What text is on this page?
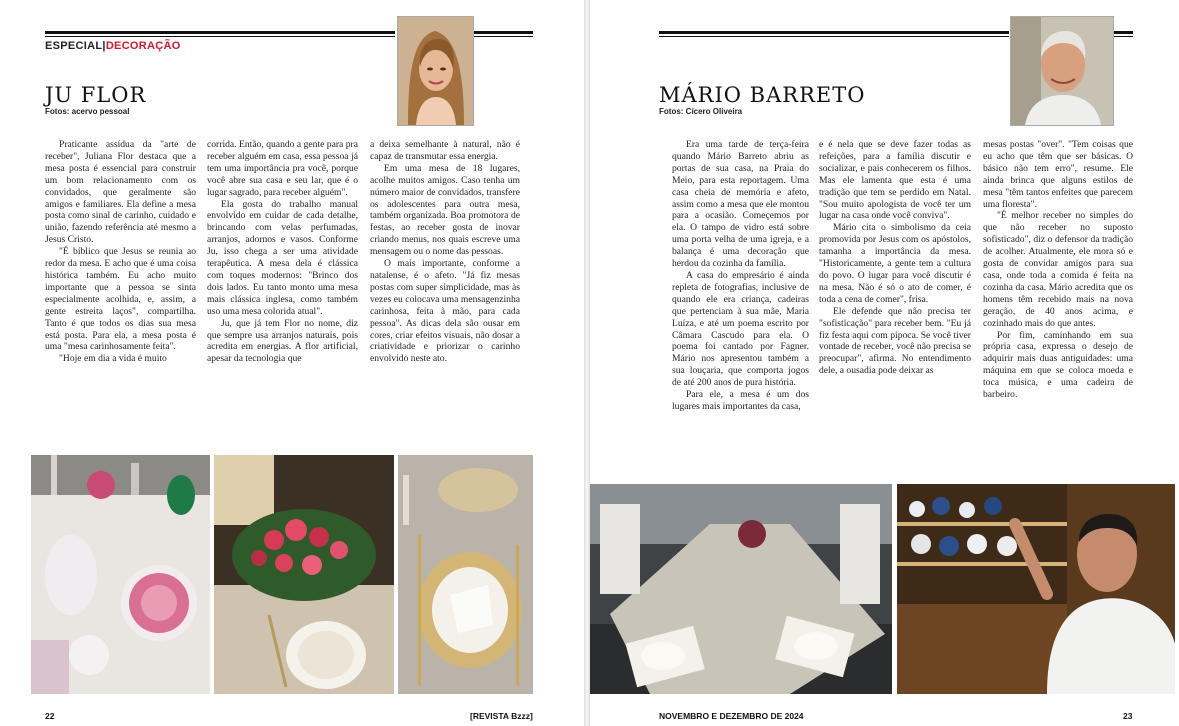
ESPECIAL|DECORAÇÃO
JU FLOR
Fotos: acervo pessoal

Praticante assídua da "arte de receber", Juliana Flor destaca que a mesa posta é essencial para construir um bom relacionamento com os convidados, que geralmente são amigos e familiares. Ela define a mesa posta como sinal de carinho, cuidado e união, fazendo referência até mesmo a Jesus Cristo.

"É bíblico que Jesus se reunia ao redor da mesa. E acho que é uma coisa histórica também. Eu acho muito importante que a pessoa se sinta especialmente acolhida, e, assim, a gente estreita laços", compartilha. Tanto é que todos os dias sua mesa está posta. Para ela, a mesa posta é uma "mesa carinhosamente feita".

"Hoje em dia a vida é muito

corrida. Então, quando a gente para pra receber alguém em casa, essa pessoa já tem uma importância pra você, porque você abre sua casa e seu lar, que é o lugar sagrado, para receber alguém".

Ela gosta do trabalho manual envolvido em cuidar de cada detalhe, brincando com velas perfumadas, arranjos, adornos e vasos. Conforme Ju, isso chega a ser uma atividade terapêutica. A mesa dela é clássica com toques modernos: "Brinco dos dois lados. Eu tanto monto uma mesa mais clássica inglesa, como também uso uma mesa colorida atual".

Ju, que já tem Flor no nome, diz que sempre usa arranjos naturais, pois acredita em energias. A flor artificial, apesar da tecnologia que

a deixa semelhante à natural, não é capaz de transmutar essa energia.

Em uma mesa de 18 lugares, acolhe muitos amigos. Caso tenha um número maior de convidados, transfere os adolescentes para outra mesa, também organizada. Boa promotora de festas, ao receber gosta de inovar criando menus, nos quais escreve uma mensagem ou o nome das pessoas.

O mais importante, conforme a natalense, é o afeto. "Já fiz mesas postas com super simplicidade, mas às vezes eu colocava uma mensagenzinha carinhosa, feita à mão, para cada pessoa". As dicas dela são ousar em cores, criar efeitos visuais, não dosar a criatividade e priorizar o carinho envolvido neste ato.

22	[REVISTA Bzzz]
MÁRIO BARRETO
Fotos: Cícero Oliveira

Era uma tarde de terça-feira quando Mário Barreto abriu as portas de sua casa, na Praia do Meio, para esta reportagem. Uma casa cheia de memória e afeto, assim como a mesa que ele montou para a ocasião. Começemos por ela. O tampo de vidro está sobre uma porta velha de uma igreja, e a balança é uma decoração que herdou da cozinha da família.

A casa do empresário é ainda repleta de fotografias, inclusive de quando ele era criança, cadeiras que pertenciam à sua mãe, Maria Luíza, e até um poema escrito por Câmara Cascudo para ela. O poema foi cantado por Fagner. Mário nos apresentou também a sua louçaria, que comporta jogos de até 200 anos de pura história.

Para ele, a mesa é um dos lugares mais importantes da casa,

e é nela que se deve fazer todas as refeições, para a família discutir e socializar, e pais conhecerem os filhos. Mas ele lamenta que esta é uma tradição que tem se perdido em Natal. "Sou muito apologista de você ter um lugar na casa onde você conviva".

Mário cita o simbolismo da ceia promovida por Jesus com os apóstolos, tamanha a importância da mesa. "Historicamente, a gente tem a cultura do povo. O lugar para você discutir é na mesa. Não é só o ato de comer, é toda a cena de comer", frisa.

Ele defende que não precisa ter "sofisticação" para receber bem. "Eu já fiz festa aqui com pipoca. Se você tiver vontade de receber, você não precisa se preocupar", afirma. No entendimento dele, a ousadia pode deixar as

mesas postas "over". "Tem coisas que eu acho que têm que ser básicas. O básico não tem erro", resume. Ele ainda brinca que alguns estilos de mesa "têm tantos enfeites que parecem uma floresta".

"É melhor receber no simples do que não receber no suposto sofisticado", diz o defensor da tradição de acolher. Atualmente, ele mora só e gosta de convidar amigos para sua casa, onde toda a comida é feita na cozinha da casa. Mário acredita que os homens têm recebido mais na nova geração, de 40 anos acima, e cozinhado mais do que antes.

Por fim, caminhando em sua própria casa, expressa o desejo de adquirir mais duas antiguidades: uma máquina em que se coloca moeda e toca música, e uma cadeira de barbeiro.

NOVEMBRO E DEZEMBRO DE 2024	23
